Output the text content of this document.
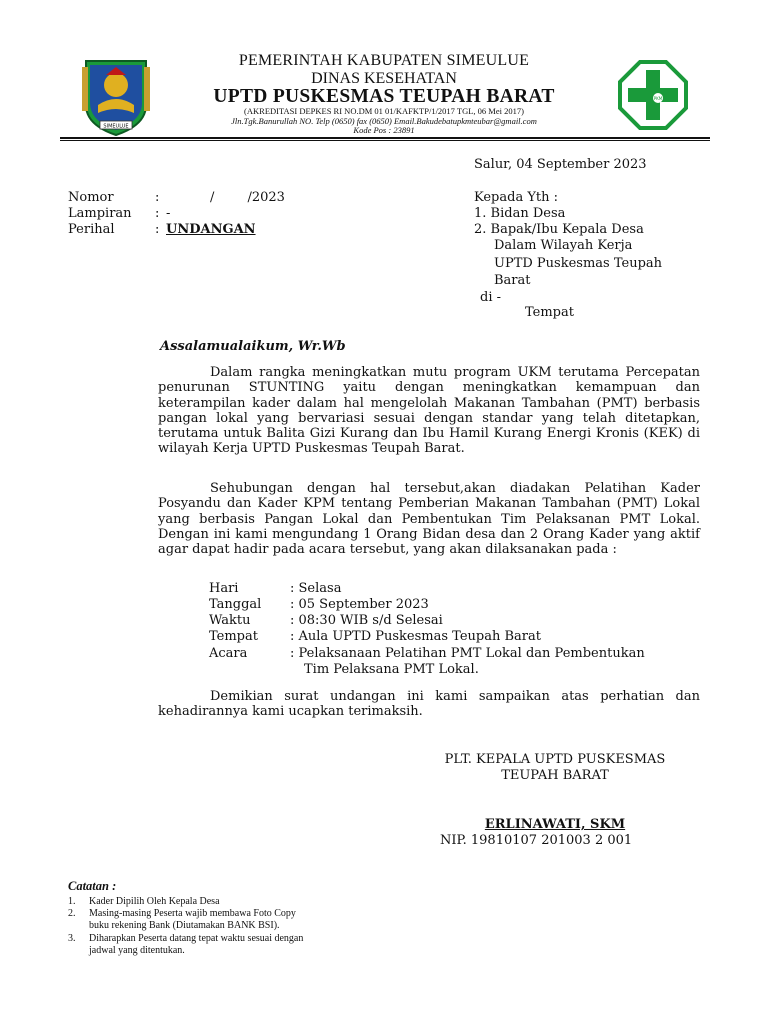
SIMEULUE
PKM
PEMERINTAH KABUPATEN SIMEULUE
DINAS KESEHATAN
UPTD PUSKESMAS TEUPAH BARAT
(AKREDITASI DEPKES RI NO.DM 01 01/KAFKTP/1/2017 TGL, 06 Mei 2017)
Jln.Tgk.Banurullah NO. Telp (0650) fax (0650) Email.Bakudebatupkmteubar@gmail.com
Kode Pos : 23891
Salur, 04 September 2023
Nomor	:	/        /2023
Lampiran : -
Perihal	: UNDANGAN
Kepada Yth :
1. Bidan Desa
2. Bapak/Ibu Kepala Desa
Dalam Wilayah Kerja
UPTD Puskesmas Teupah
Barat
di -
Tempat
Assalamualaikum, Wr.Wb
Dalam rangka meningkatkan mutu program UKM terutama Percepatan penurunan STUNTING yaitu dengan meningkatkan kemampuan dan keterampilan kader dalam hal mengelolah Makanan Tambahan (PMT) berbasis pangan lokal yang bervariasi sesuai dengan standar yang telah ditetapkan, terutama untuk Balita Gizi Kurang dan Ibu Hamil Kurang Energi Kronis (KEK) di wilayah Kerja UPTD Puskesmas Teupah Barat.
Sehubungan dengan hal tersebut,akan diadakan Pelatihan Kader Posyandu dan Kader KPM tentang Pemberian Makanan Tambahan (PMT) Lokal yang berbasis Pangan Lokal dan Pembentukan Tim Pelaksanan PMT Lokal. Dengan ini kami mengundang 1 Orang Bidan desa dan 2 Orang Kader yang aktif agar dapat hadir pada acara tersebut, yang akan dilaksanakan pada :
Hari	: Selasa
Tanggal : 05 September 2023
Waktu	: 08:30 WIB s/d Selesai
Tempat : Aula UPTD Puskesmas Teupah Barat
Acara	: Pelaksanaan Pelatihan PMT Lokal dan Pembentukan
Tim Pelaksana PMT Lokal.
Demikian surat undangan ini kami sampaikan atas perhatian dan kehadirannya kami ucapkan terimaksih.
PLT. KEPALA UPTD PUSKESMAS
TEUPAH BARAT
ERLINAWATI, SKM
NIP. 19810107 201003 2 001
Catatan :
1. Kader Dipilih Oleh Kepala Desa
2. Masing-masing Peserta wajib membawa Foto Copy
buku rekening Bank (Diutamakan BANK BSI).
3. Diharapkan Peserta datang tepat waktu sesuai dengan
jadwal yang ditentukan.
